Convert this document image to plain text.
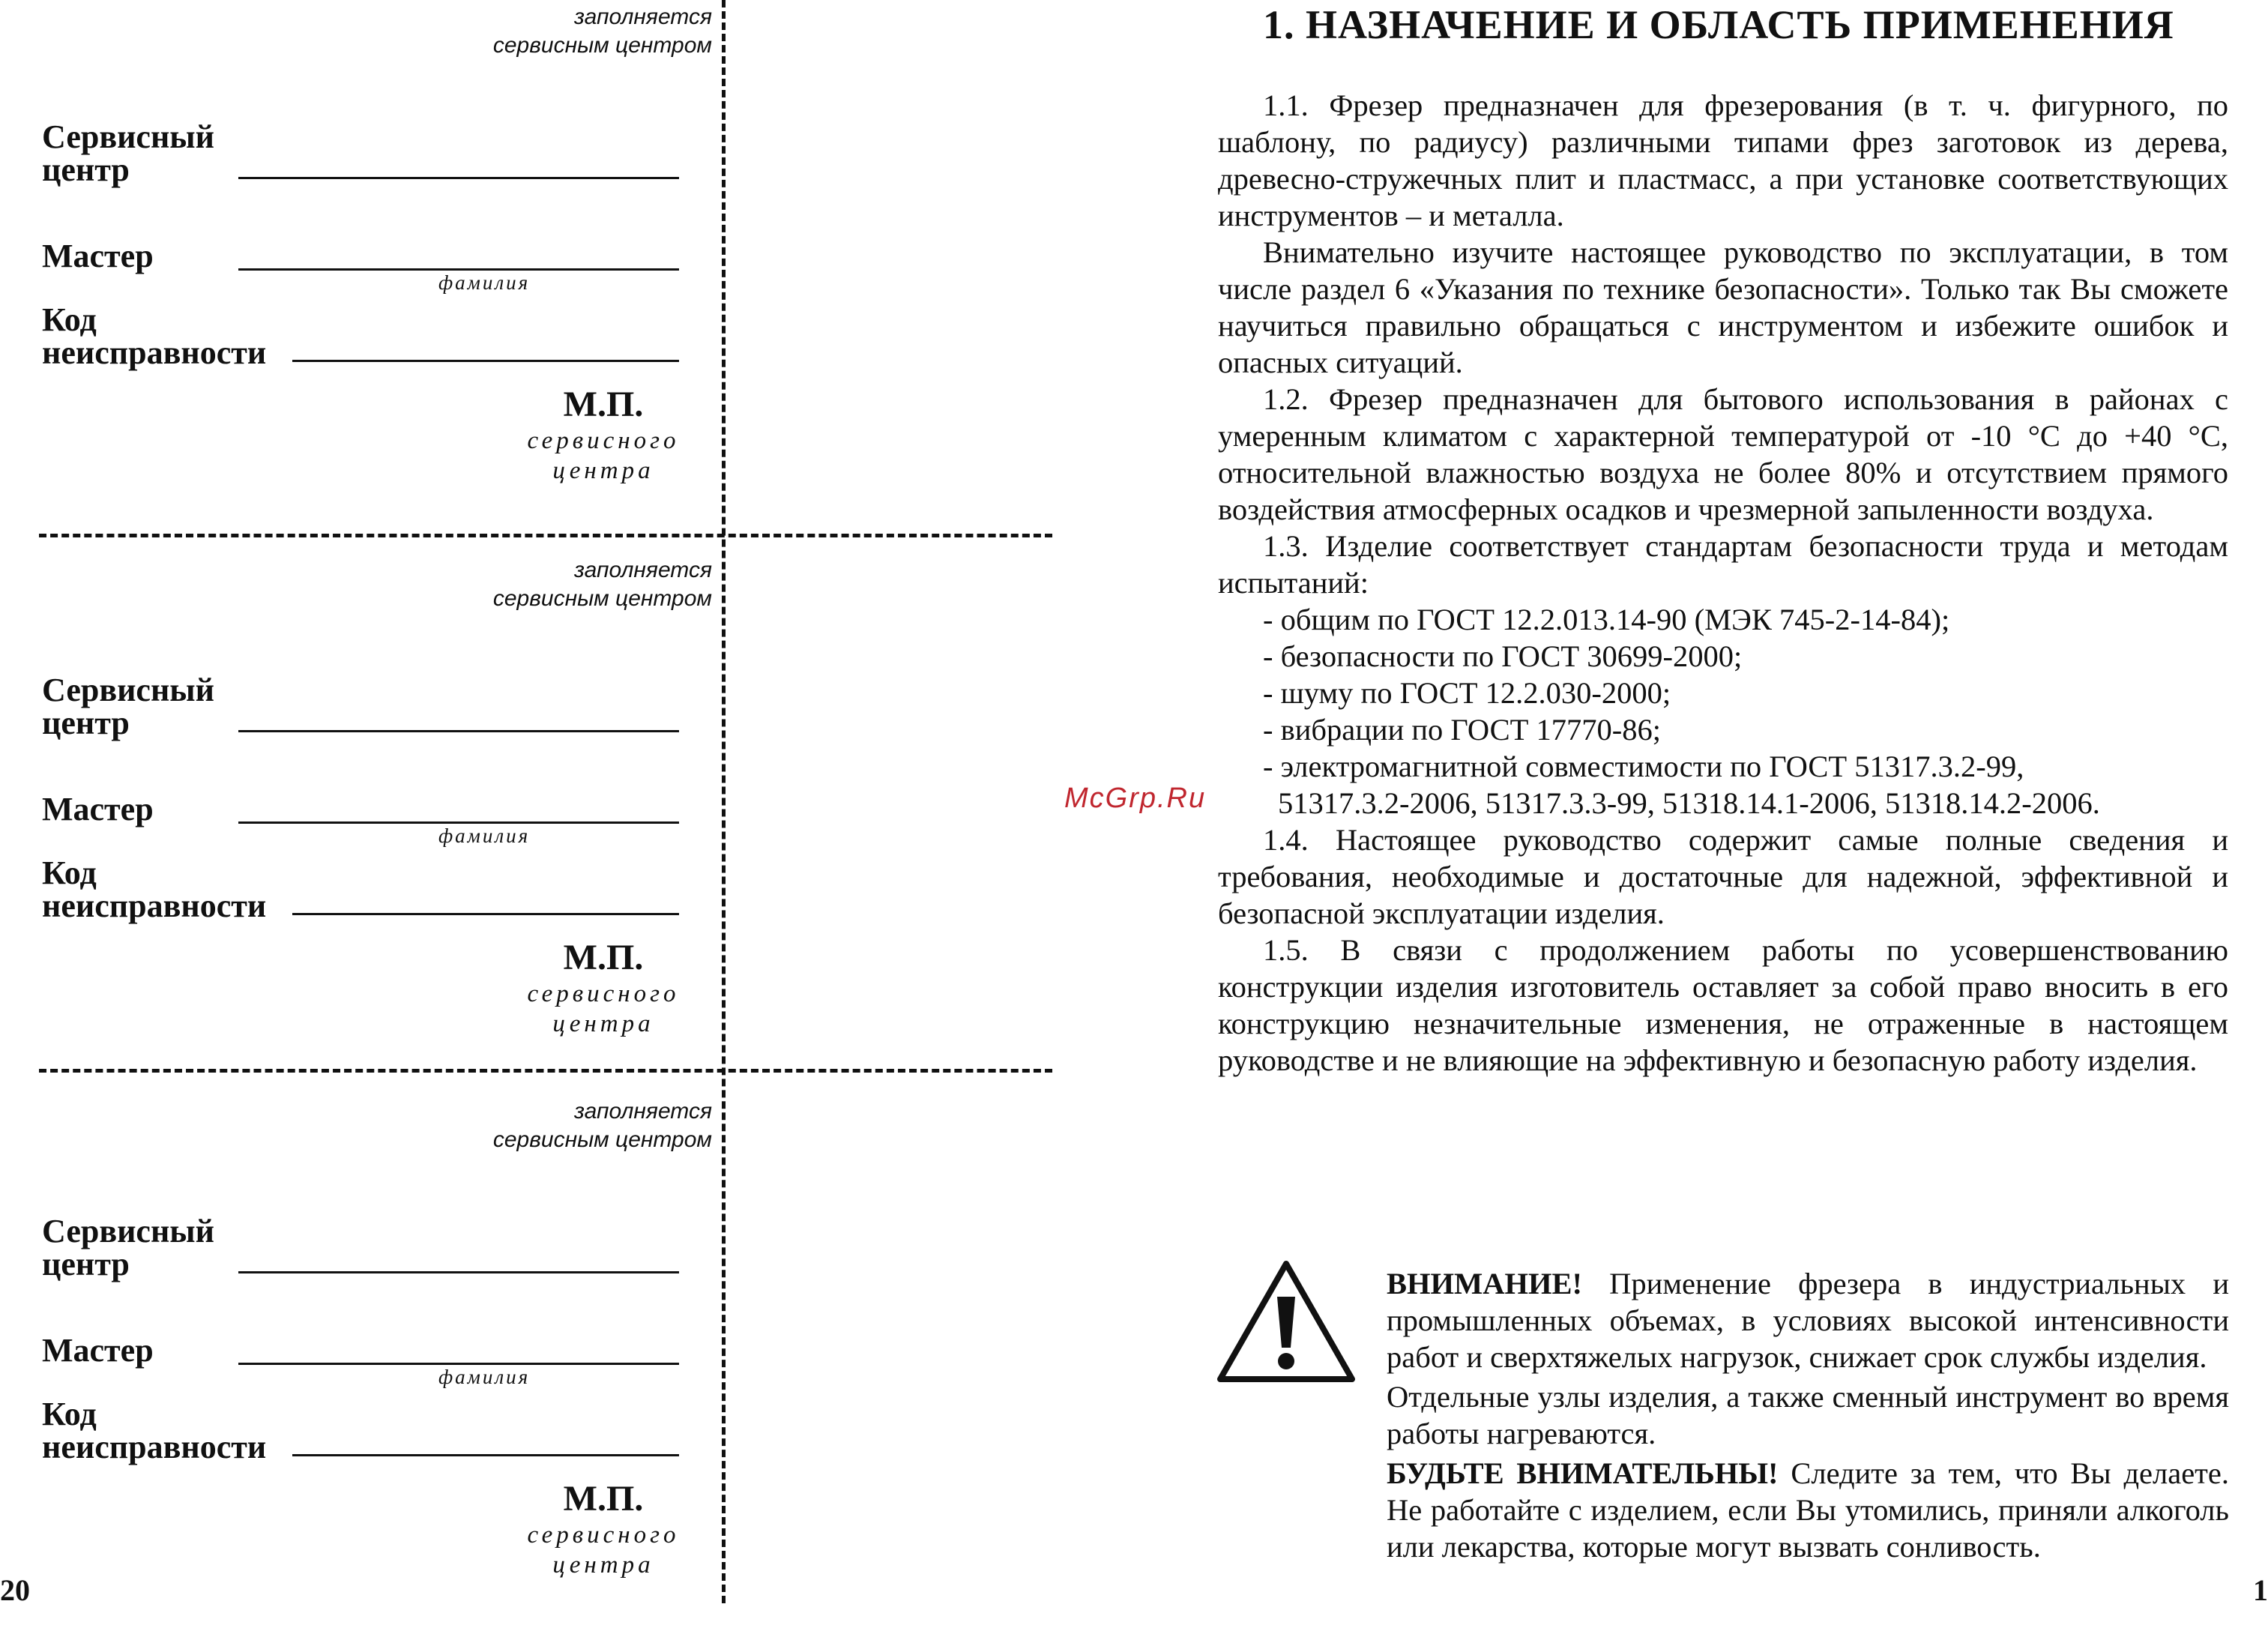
заполняется
сервисным центром
Сервисный
центр
Мастер
фамилия
Код
неисправности
М.П.
сервисного
центра
заполняется
сервисным центром
Сервисный
центр
Мастер
фамилия
Код
неисправности
М.П.
сервисного
центра
заполняется
сервисным центром
Сервисный
центр
Мастер
фамилия
Код
неисправности
М.П.
сервисного
центра
20
McGrp.Ru
1. НАЗНАЧЕНИЕ И ОБЛАСТЬ ПРИМЕНЕНИЯ

1.1. Фрезер предназначен для фрезерования (в т. ч. фигурного, по шаблону, по радиусу) различными типами фрез заготовок из дерева, древесно-стружечных плит и пластмасс, а при установке соответствующих инструментов – и металла.

Внимательно изучите настоящее руководство по эксплуатации, в том числе раздел 6 «Указания по технике безопасности». Только так Вы сможете научиться правильно обращаться с инструментом и избежите ошибок и опасных ситуаций.

1.2. Фрезер предназначен для бытового использования в районах с умеренным климатом с характерной температурой от -10 °С до +40 °С, относительной влажностью воздуха не более 80% и отсутствием прямого воздействия атмосферных осадков и чрезмерной запыленности воздуха.

1.3. Изделие соответствует стандартам безопасности труда и методам испытаний:

- общим по ГОСТ 12.2.013.14-90 (МЭК 745-2-14-84);
- безопасности по ГОСТ 30699-2000;
- шуму по ГОСТ 12.2.030-2000;
- вибрации по ГОСТ 17770-86;
- электромагнитной совместимости по ГОСТ 51317.3.2-99,
51317.3.2-2006, 51317.3.3-99, 51318.14.1-2006, 51318.14.2-2006.

1.4. Настоящее руководство содержит самые полные сведения и требования, необходимые и достаточные для надежной, эффективной и безопасной эксплуатации изделия.

1.5. В связи с продолжением работы по усовершенствованию конструкции изделия изготовитель оставляет за собой право вносить в его конструкцию незначительные изменения, не отраженные в настоящем руководстве и не влияющие на эффективную и безопасную работу изделия.

ВНИМАНИЕ! Применение фрезера в индустриальных и промышленных объемах, в условиях высокой интенсивности работ и сверхтяжелых нагрузок, снижает срок службы изделия.

Отдельные узлы изделия, а также сменный инструмент во время работы нагреваются.

БУДЬТЕ ВНИМАТЕЛЬНЫ! Следите за тем, что Вы делаете. Не работайте с изделием, если Вы утомились, приняли алкоголь или лекарства, которые могут вызвать сонливость.

1
